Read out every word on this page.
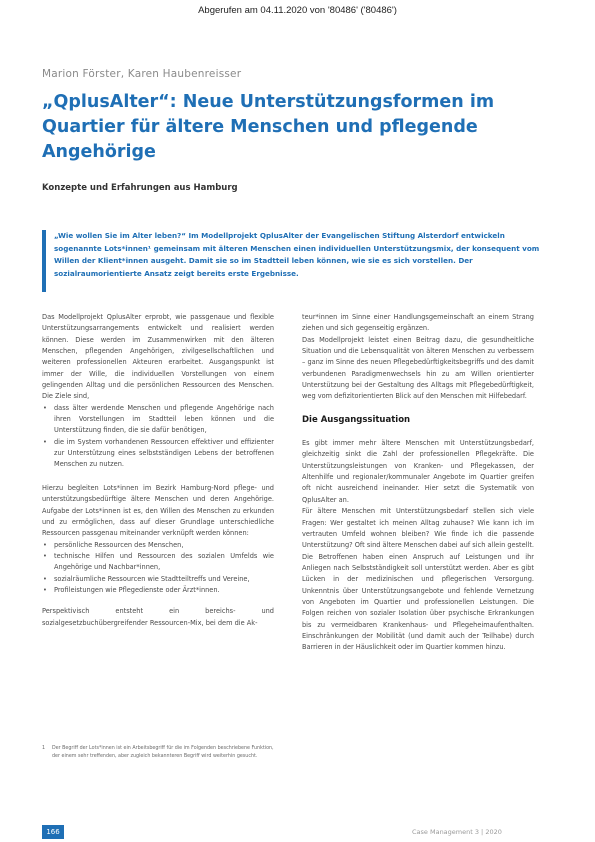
Abgerufen am 04.11.2020 von '80486' ('80486')
Marion Förster, Karen Haubenreisser
„QplusAlter“: Neue Unterstützungsformen im Quartier für ältere Menschen und pflegende Angehörige
Konzepte und Erfahrungen aus Hamburg

„Wie wollen Sie im Alter leben?“ Im Modellprojekt QplusAlter der Evangelischen Stiftung Alsterdorf entwickeln sogenannte Lots*innen¹ gemeinsam mit älteren Menschen einen individuellen Unterstützungsmix, der konsequent vom Willen der Klient*innen ausgeht. Damit sie so im Stadtteil leben können, wie sie es sich vorstellen. Der sozialraumorientierte Ansatz zeigt bereits erste Ergebnisse.

Das Modellprojekt QplusAlter erprobt, wie passgenaue und flexible Unterstützungsarrangements entwickelt und realisiert werden können. Diese werden im Zusammenwirken mit den älteren Menschen, pflegenden Angehörigen, zivilgesellschaftlichen und weiteren professionellen Akteuren erarbeitet. Ausgangspunkt ist immer der Wille, die individuellen Vorstellungen von einem gelingenden Alltag und die persönlichen Ressourcen des Menschen. Die Ziele sind,

• dass älter werdende Menschen und pflegende Angehörige nach ihren Vorstellungen im Stadtteil leben können und die Unterstützung finden, die sie dafür benötigen,
• die im System vorhandenen Ressourcen effektiver und effizienter zur Unterstützung eines selbstständigen Lebens der betroffenen Menschen zu nutzen.

Hierzu begleiten Lots*innen im Bezirk Hamburg-Nord pflege- und unterstützungsbedürftige ältere Menschen und deren Angehörige. Aufgabe der Lots*innen ist es, den Willen des Menschen zu erkunden und zu ermöglichen, dass auf dieser Grundlage unterschiedliche Ressourcen passgenau miteinander verknüpft werden können:

• persönliche Ressourcen des Menschen,
• technische Hilfen und Ressourcen des sozialen Umfelds wie Angehörige und Nachbar*innen,
• sozialräumliche Ressourcen wie Stadtteiltreffs und Vereine,
• Profileistungen wie Pflegedienste oder Ärzt*innen.

Perspektivisch entsteht ein bereichs- und sozialgesetzbuchübergreifender Ressourcen-Mix, bei dem die Ak-

teur*innen im Sinne einer Handlungsgemeinschaft an einem Strang ziehen und sich gegenseitig ergänzen.

Das Modellprojekt leistet einen Beitrag dazu, die gesundheitliche Situation und die Lebensqualität von älteren Menschen zu verbessern – ganz im Sinne des neuen Pflegebedürftigkeitsbegriffs und des damit verbundenen Paradigmenwechsels hin zu am Willen orientierter Unterstützung bei der Gestaltung des Alltags mit Pflegebedürftigkeit, weg vom defizitorientierten Blick auf den Menschen mit Hilfebedarf.

Die Ausgangssituation

Es gibt immer mehr ältere Menschen mit Unterstützungsbedarf, gleichzeitig sinkt die Zahl der professionellen Pflegekräfte. Die Unterstützungsleistungen von Kranken- und Pflegekassen, der Altenhilfe und regionaler/kommunaler Angebote im Quartier greifen oft nicht ausreichend ineinander. Hier setzt die Systematik von QplusAlter an.

Für ältere Menschen mit Unterstützungsbedarf stellen sich viele Fragen: Wer gestaltet ich meinen Alltag zuhause? Wie kann ich im vertrauten Umfeld wohnen bleiben? Wie finde ich die passende Unterstützung? Oft sind ältere Menschen dabei auf sich allein gestellt. Die Betroffenen haben einen Anspruch auf Leistungen und ihr Anliegen nach Selbstständigkeit soll unterstützt werden. Aber es gibt Lücken in der medizinischen und pflegerischen Versorgung. Unkenntnis über Unterstützungsangebote und fehlende Vernetzung von Angeboten im Quartier und professionellen Leistungen. Die Folgen reichen von sozialer Isolation über psychische Erkrankungen bis zu vermeidbaren Krankenhaus- und Pflegeheimaufenthalten. Einschränkungen der Mobilität (und damit auch der Teilhabe) durch Barrieren in der Häuslichkeit oder im Quartier kommen hinzu.

1 Der Begriff der Lots*innen ist ein Arbeitsbegriff für die im Folgenden beschriebene Funktion, der einem sehr treffenden, aber zugleich bekannteren Begriff wird weiterhin gesucht.
166	Case Management 3 | 2020
